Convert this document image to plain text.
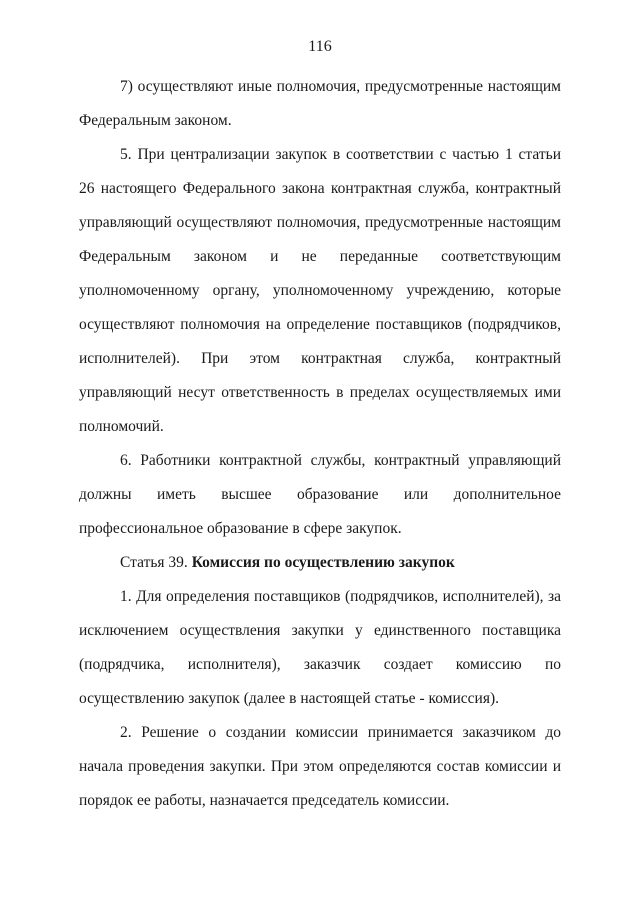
116

7) осуществляют иные полномочия, предусмотренные настоящим Федеральным законом.

5. При централизации закупок в соответствии с частью 1 статьи 26 настоящего Федерального закона контрактная служба, контрактный управляющий осуществляют полномочия, предусмотренные настоящим Федеральным законом и не переданные соответствующим уполномоченному органу, уполномоченному учреждению, которые осуществляют полномочия на определение поставщиков (подрядчиков, исполнителей). При этом контрактная служба, контрактный управляющий несут ответственность в пределах осуществляемых ими полномочий.

6. Работники контрактной службы, контрактный управляющий должны иметь высшее образование или дополнительное профессиональное образование в сфере закупок.

Статья 39. Комиссия по осуществлению закупок

1. Для определения поставщиков (подрядчиков, исполнителей), за исключением осуществления закупки у единственного поставщика (подрядчика, исполнителя), заказчик создает комиссию по осуществлению закупок (далее в настоящей статье - комиссия).

2. Решение о создании комиссии принимается заказчиком до начала проведения закупки. При этом определяются состав комиссии и порядок ее работы, назначается председатель комиссии.
